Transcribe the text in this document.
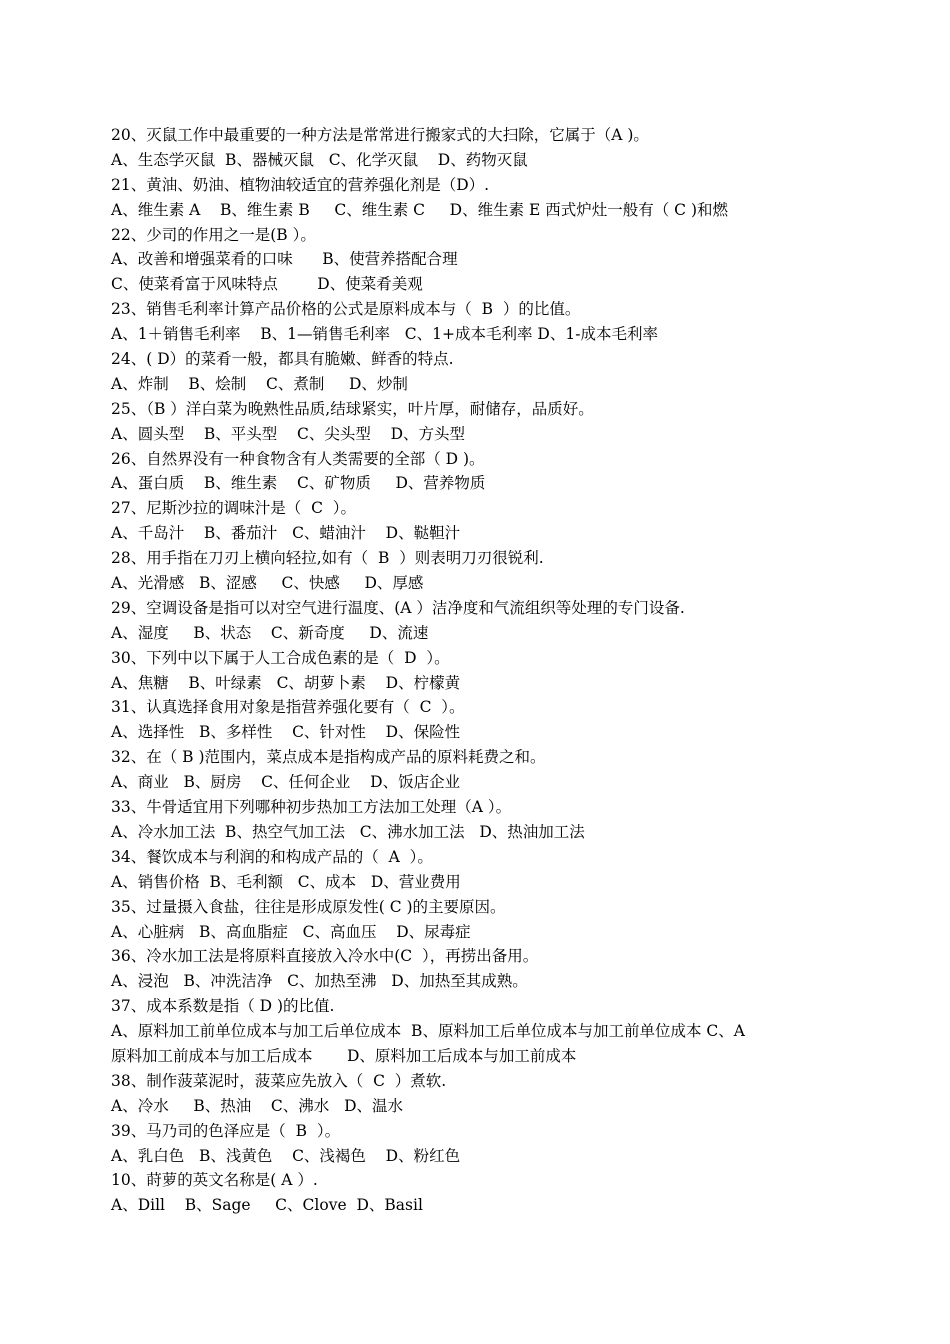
20、灭鼠工作中最重要的一种方法是常常进行搬家式的大扫除，它属于（A )。
A、生态学灭鼠  B、器械灭鼠   C、化学灭鼠    D、药物灭鼠
21、黄油、奶油、植物油较适宜的营养强化剂是（D）.
A、维生素 A    B、维生素 B     C、维生素 C     D、维生素 E 西式炉灶一般有（ C )和燃
22、少司的作用之一是(B ）。
A、改善和增强菜肴的口味      B、使营养搭配合理
C、使菜肴富于风味特点        D、使菜肴美观
23、销售毛利率计算产品价格的公式是原料成本与（  B  ）的比值。
A、1＋销售毛利率    B、1—销售毛利率   C、1+成本毛利率 D、1-成本毛利率
24、( D）的菜肴一般，都具有脆嫩、鲜香的特点.
A、炸制    B、烩制    C、煮制     D、炒制
25、（B ）洋白菜为晚熟性品质,结球紧实，叶片厚，耐储存，品质好。
A、圆头型    B、平头型    C、尖头型    D、方头型
26、自然界没有一种食物含有人类需要的全部（ D )。
A、蛋白质    B、维生素    C、矿物质     D、营养物质
27、尼斯沙拉的调味汁是（  C  ）。
A、千岛汁    B、番茄汁   C、蜡油汁    D、鞑靼汁
28、用手指在刀刃上横向轻拉,如有（  B  ）则表明刀刃很锐利.
A、光滑感   B、涩感     C、快感     D、厚感
29、空调设备是指可以对空气进行温度、(A ）洁净度和气流组织等处理的专门设备.
A、湿度     B、状态    C、新奇度     D、流速
30、下列中以下属于人工合成色素的是（  D  ）。
A、焦糖    B、叶绿素   C、胡萝卜素    D、柠檬黄
31、认真选择食用对象是指营养强化要有（  C  ）。
A、选择性   B、多样性    C、针对性    D、保险性
32、在（ B )范围内，菜点成本是指构成产品的原料耗费之和。
A、商业   B、厨房    C、任何企业    D、饭店企业
33、牛骨适宜用下列哪种初步热加工方法加工处理（A ）。
A、冷水加工法  B、热空气加工法   C、沸水加工法   D、热油加工法
34、餐饮成本与利润的和构成产品的（  A  ）。
A、销售价格  B、毛利额   C、成本   D、营业费用
35、过量摄入食盐，往往是形成原发性( C )的主要原因。
A、心脏病   B、高血脂症   C、高血压    D、尿毒症
36、冷水加工法是将原料直接放入冷水中(C  ），再捞出备用。
A、浸泡   B、冲洗洁净   C、加热至沸   D、加热至其成熟。
37、成本系数是指（ D )的比值.
A、原料加工前单位成本与加工后单位成本  B、原料加工后单位成本与加工前单位成本 C、A
原料加工前成本与加工后成本       D、原料加工后成本与加工前成本
38、制作菠菜泥时，菠菜应先放入（  C  ）煮软.
A、冷水     B、热油    C、沸水   D、温水
39、马乃司的色泽应是（  B  ）。
A、乳白色   B、浅黄色    C、浅褐色    D、粉红色
10、莳萝的英文名称是( A ）.
A、Dill    B、Sage     C、Clove  D、Basil
